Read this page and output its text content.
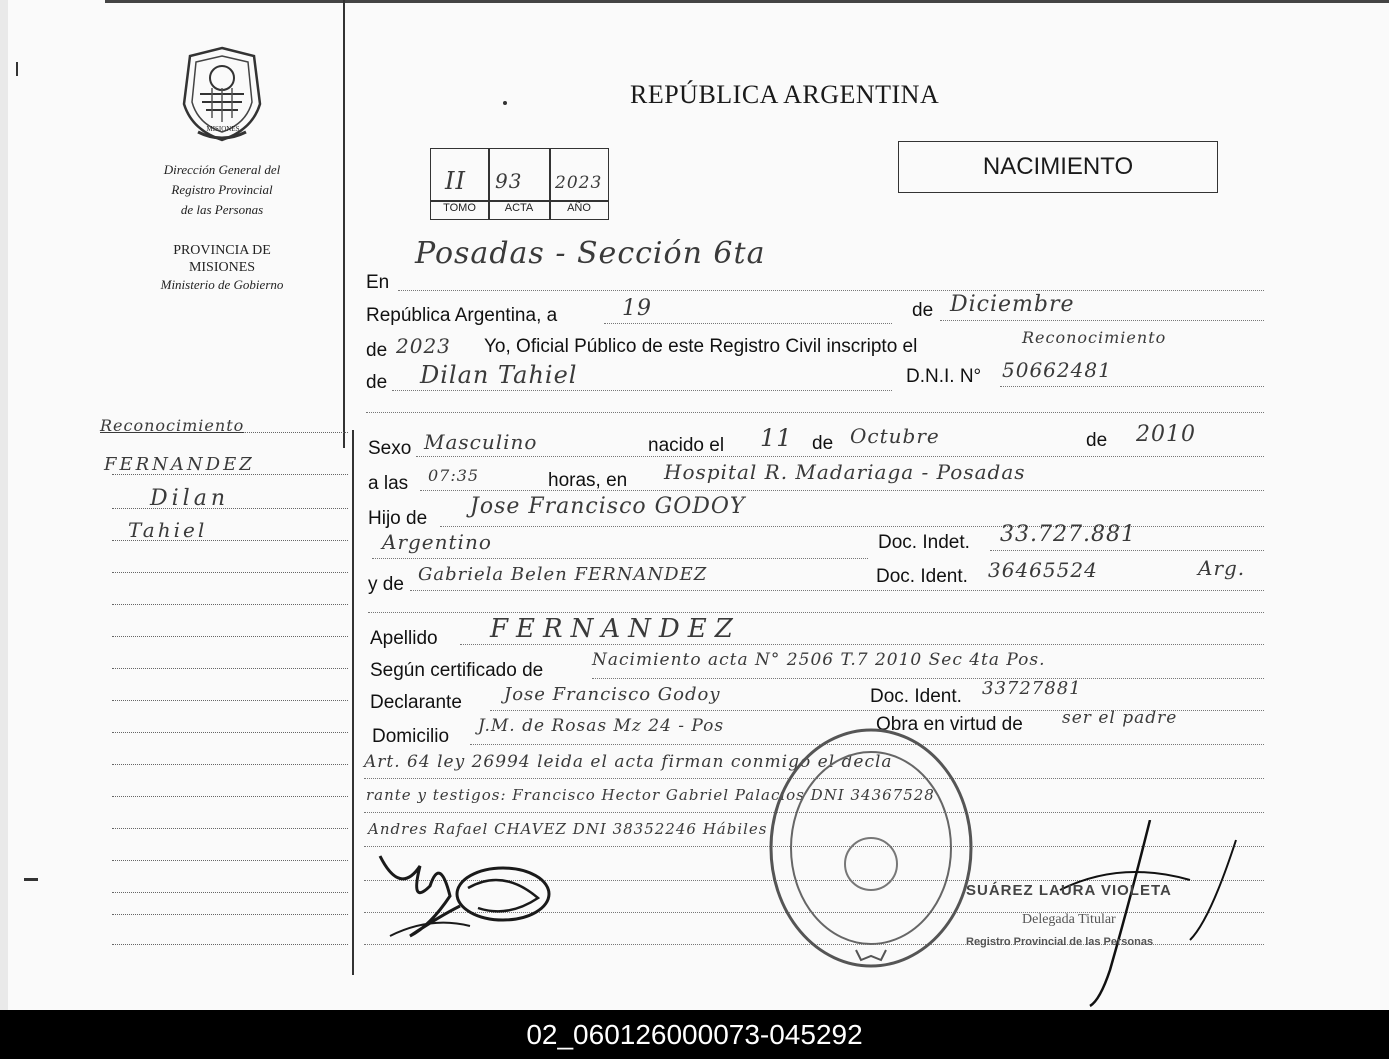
MISIONES
Dirección General del
Registro Provincial
de las Personas
PROVINCIA DE
MISIONES
Ministerio de Gobierno
REPÚBLICA ARGENTINA
II 93 2023
TOMO	ACTA	AÑO
NACIMIENTO
En
Posadas - Sección 6ta
República Argentina, a	19	de Diciembre
de 2023 Yo, Oficial Público de este Registro Civil inscripto el	Reconocimiento
de Dilan Tahiel	D.N.I. N° 50662481
Sexo Masculino	nacido el 11 de Octubre	de 2010
a las 07:35	horas, en Hospital R. Madariaga - Posadas
Hijo de Jose Francisco GODOY
Argentino	Doc. Indet. 33.727.881
y de Gabriela Belen FERNANDEZ	Doc. Ident. 36465524	Arg.
Apellido FERNANDEZ
Según certificado de	Nacimiento acta N° 2506 T.7 2010 Sec 4ta Pos.
Declarante Jose Francisco Godoy	Doc. Ident. 33727881
Domicilio J.M. de Rosas Mz 24 - Pos	Obra en virtud de ser el padre
Art. 64 ley 26994 leida el acta firman conmigo el decla
rante y testigos: Francisco Hector Gabriel Palacios DNI 34367528
Andres Rafael CHAVEZ DNI 38352246 Hábiles
SUÁREZ LAURA VIOLETA
Delegada Titular
Registro Provincial de las Personas
Reconocimiento
FERNANDEZ
Dilan
Tahiel
02_060126000073-045292
